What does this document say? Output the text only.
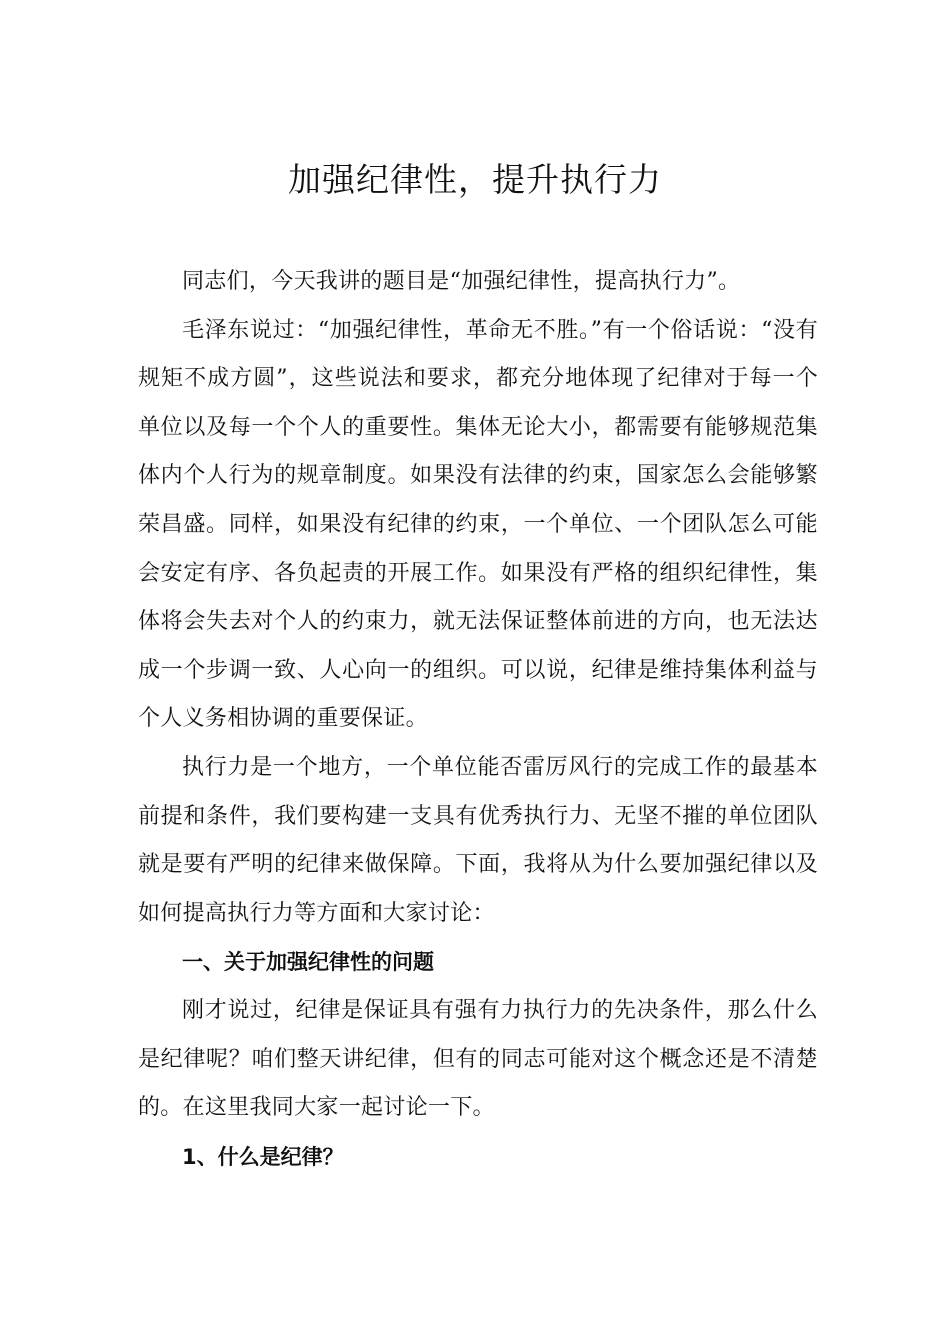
加强纪律性，提升执行力

同志们，今天我讲的题目是“加强纪律性，提高执行力”。

毛泽东说过：“加强纪律性，革命无不胜。”有一个俗话说：“没有规矩不成方圆”，这些说法和要求，都充分地体现了纪律对于每一个单位以及每一个个人的重要性。集体无论大小，都需要有能够规范集体内个人行为的规章制度。如果没有法律的约束，国家怎么会能够繁荣昌盛。同样，如果没有纪律的约束，一个单位、一个团队怎么可能会安定有序、各负起责的开展工作。如果没有严格的组织纪律性，集体将会失去对个人的约束力，就无法保证整体前进的方向，也无法达成一个步调一致、人心向一的组织。可以说，纪律是维持集体利益与个人义务相协调的重要保证。

执行力是一个地方，一个单位能否雷厉风行的完成工作的最基本前提和条件，我们要构建一支具有优秀执行力、无坚不摧的单位团队就是要有严明的纪律来做保障。下面，我将从为什么要加强纪律以及如何提高执行力等方面和大家讨论：

一、关于加强纪律性的问题

刚才说过，纪律是保证具有强有力执行力的先决条件，那么什么是纪律呢？咱们整天讲纪律，但有的同志可能对这个概念还是不清楚的。在这里我同大家一起讨论一下。

1、什么是纪律？
